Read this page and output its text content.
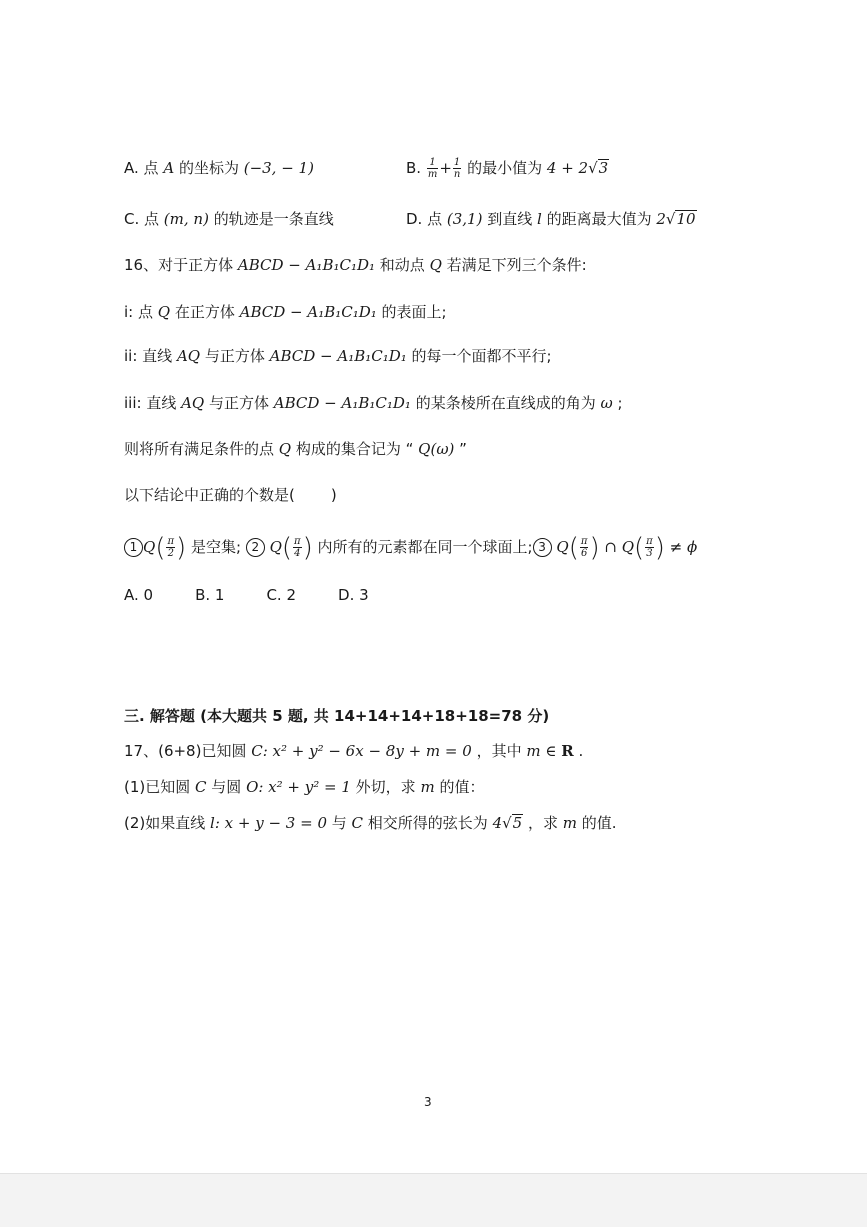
A. 点 A 的坐标为 (−3, − 1)	B. $\frac{1}{m} + \frac{1}{n}$ 的最小值为 4 + 2√3
C. 点 (m, n) 的轨迹是一条直线	D. 点 (3,1) 到直线 l 的距离最大值为 2√10
16、对于正方体 ABCD − A₁B₁C₁D₁ 和动点 Q 若满足下列三个条件:
i: 点 Q 在正方体 ABCD − A₁B₁C₁D₁ 的表面上;
ii: 直线 AQ 与正方体 ABCD − A₁B₁C₁D₁ 的每一个面都不平行;
iii: 直线 AQ 与正方体 ABCD − A₁B₁C₁D₁ 的某条棱所在直线成的角为 ω ;
则将所有满足条件的点 Q 构成的集合记为 “ Q(ω) ”
以下结论中正确的个数是( )
1 $Q( \frac{\pi}{2}$ ) 是空集; 2 $Q( \frac{\pi}{4}$ ) 内所有的元素都在同一个球面上; 3 $Q( \frac{\pi}{6}$ ) ∩ $Q( \frac{\pi}{3}$ ) ≠ ϕ
A. 0	B. 1	C. 2	D. 3
三. 解答题 (本大题共 5 题, 共 14+14+14+18+18=78 分)
17、(6+8)已知圆 C: x² + y² − 6x − 8y + m = 0 ，其中 m ∈ R .
(1)已知圆 C 与圆 O: x² + y² = 1 外切，求 m 的值：
(2)如果直线 l: x + y − 3 = 0 与 C 相交所得的弦长为 4√5 ，求 m 的值.
3
